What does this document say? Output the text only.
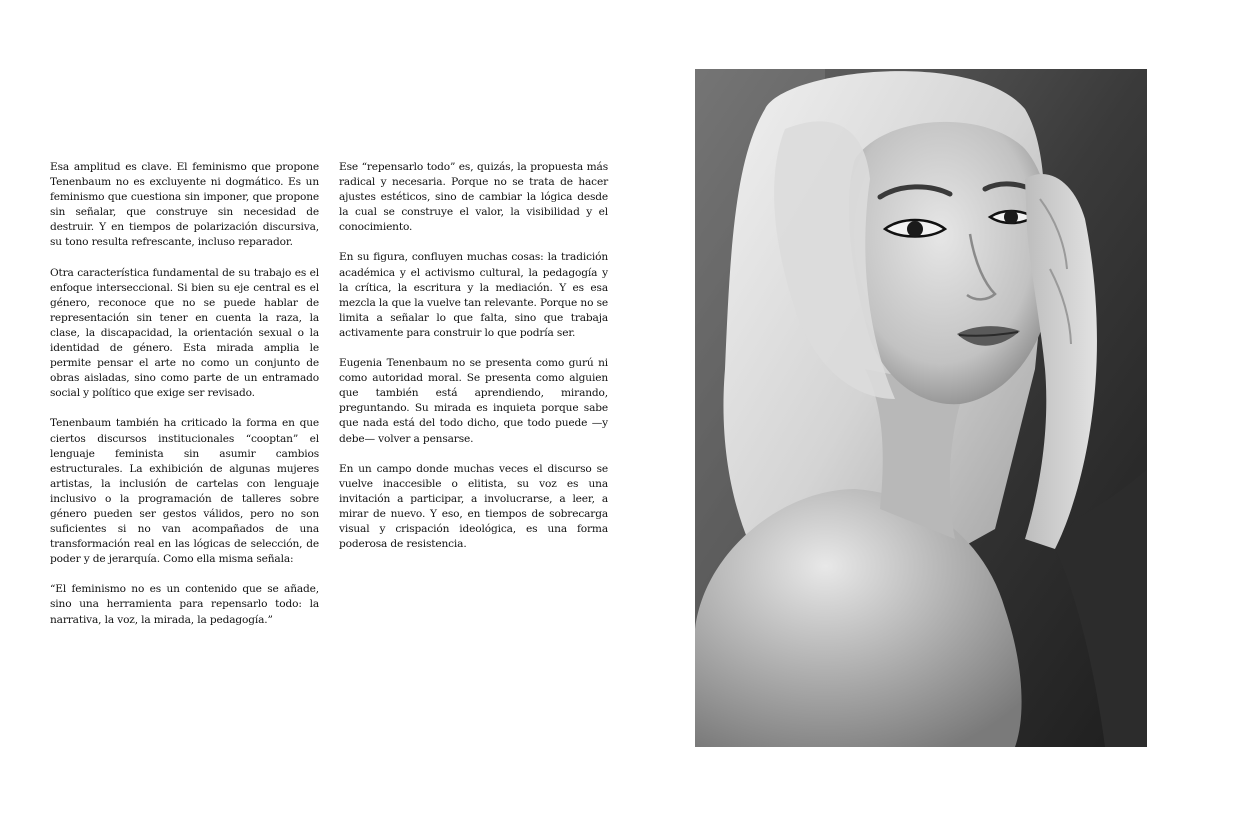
Esa amplitud es clave. El feminismo que propone Tenenbaum no es excluyente ni dogmático. Es un feminismo que cuestiona sin imponer, que propone sin señalar, que construye sin necesidad de destruir. Y en tiempos de polarización discursiva, su tono resulta refrescante, incluso reparador.

Otra característica fundamental de su trabajo es el enfoque interseccional. Si bien su eje central es el género, reconoce que no se puede hablar de representación sin tener en cuenta la raza, la clase, la discapacidad, la orientación sexual o la identidad de género. Esta mirada amplia le permite pensar el arte no como un conjunto de obras aisladas, sino como parte de un entramado social y político que exige ser revisado.

Tenenbaum también ha criticado la forma en que ciertos discursos institucionales “cooptan” el lenguaje feminista sin asumir cambios estructurales. La exhibición de algunas mujeres artistas, la inclusión de cartelas con lenguaje inclusivo o la programación de talleres sobre género pueden ser gestos válidos, pero no son suficientes si no van acompañados de una transformación real en las lógicas de selección, de poder y de jerarquía. Como ella misma señala:

“El feminismo no es un contenido que se añade, sino una herramienta para repensarlo todo: la narrativa, la voz, la mirada, la pedagogía.”

Ese “repensarlo todo” es, quizás, la propuesta más radical y necesaria. Porque no se trata de hacer ajustes estéticos, sino de cambiar la lógica desde la cual se construye el valor, la visibilidad y el conocimiento.

En su figura, confluyen muchas cosas: la tradición académica y el activismo cultural, la pedagogía y la crítica, la escritura y la mediación. Y es esa mezcla la que la vuelve tan relevante. Porque no se limita a señalar lo que falta, sino que trabaja activamente para construir lo que podría ser.

Eugenia Tenenbaum no se presenta como gurú ni como autoridad moral. Se presenta como alguien que también está aprendiendo, mirando, preguntando. Su mirada es inquieta porque sabe que nada está del todo dicho, que todo puede —y debe— volver a pensarse.

En un campo donde muchas veces el discurso se vuelve inaccesible o elitista, su voz es una invitación a participar, a involucrarse, a leer, a mirar de nuevo. Y eso, en tiempos de sobrecarga visual y crispación ideológica, es una forma poderosa de resistencia.
